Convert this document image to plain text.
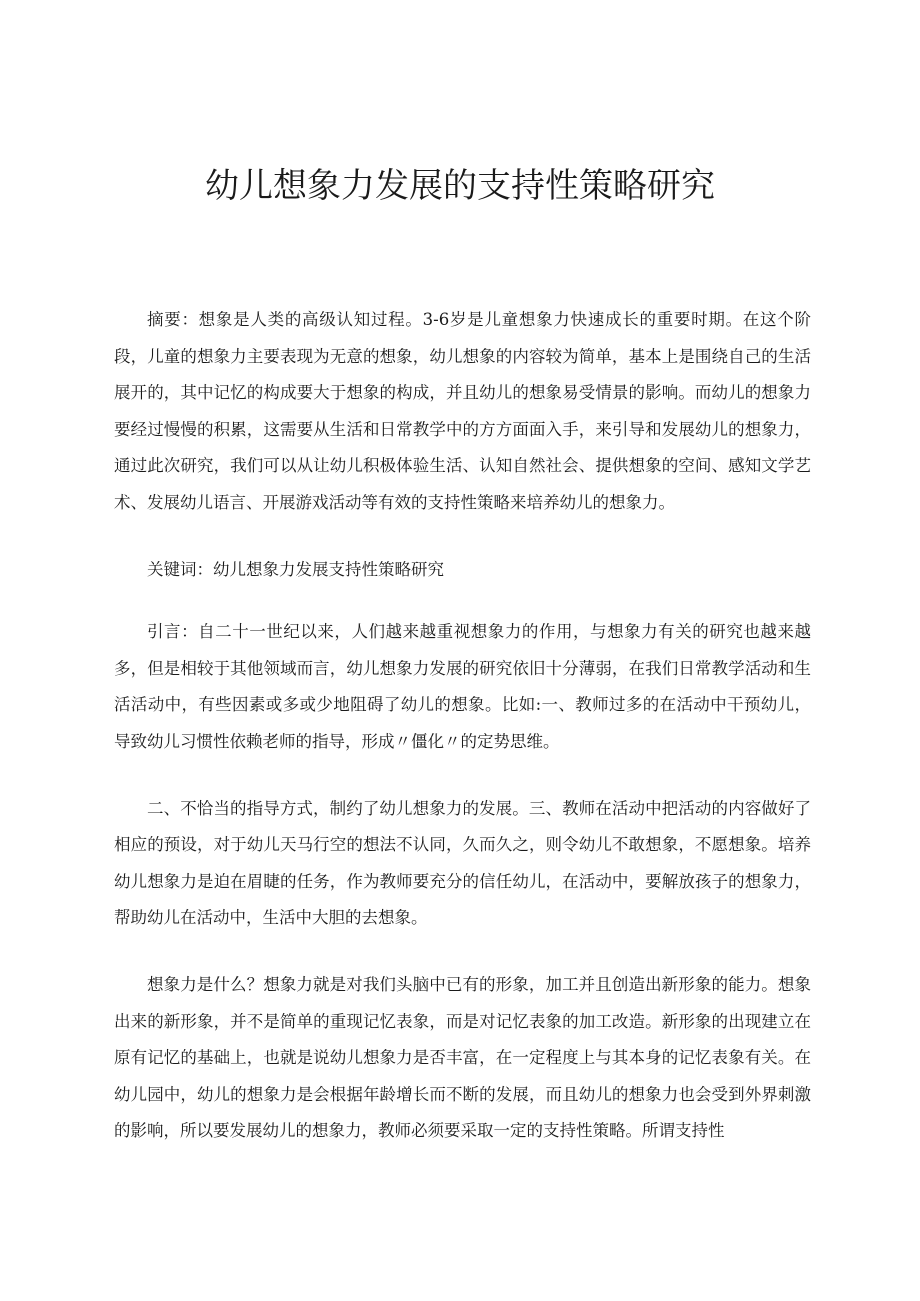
幼儿想象力发展的支持性策略研究

摘要：想象是人类的高级认知过程。3-6岁是儿童想象力快速成长的重要时期。在这个阶段，儿童的想象力主要表现为无意的想象，幼儿想象的内容较为简单，基本上是围绕自己的生活展开的，其中记忆的构成要大于想象的构成，并且幼儿的想象易受情景的影响。而幼儿的想象力要经过慢慢的积累，这需要从生活和日常教学中的方方面面入手，来引导和发展幼儿的想象力，通过此次研究，我们可以从让幼儿积极体验生活、认知自然社会、提供想象的空间、感知文学艺术、发展幼儿语言、开展游戏活动等有效的支持性策略来培养幼儿的想象力。

关键词：幼儿想象力发展支持性策略研究

引言：自二十一世纪以来，人们越来越重视想象力的作用，与想象力有关的研究也越来越多，但是相较于其他领域而言，幼儿想象力发展的研究依旧十分薄弱，在我们日常教学活动和生活活动中，有些因素或多或少地阻碍了幼儿的想象。比如:一、教师过多的在活动中干预幼儿，导致幼儿习惯性依赖老师的指导，形成〃僵化〃的定势思维。

二、不恰当的指导方式，制约了幼儿想象力的发展。三、教师在活动中把活动的内容做好了相应的预设，对于幼儿天马行空的想法不认同，久而久之，则令幼儿不敢想象，不愿想象。培养幼儿想象力是迫在眉睫的任务，作为教师要充分的信任幼儿，在活动中，要解放孩子的想象力，帮助幼儿在活动中，生活中大胆的去想象。

想象力是什么？想象力就是对我们头脑中已有的形象，加工并且创造出新形象的能力。想象出来的新形象，并不是简单的重现记忆表象，而是对记忆表象的加工改造。新形象的出现建立在原有记忆的基础上，也就是说幼儿想象力是否丰富，在一定程度上与其本身的记忆表象有关。在幼儿园中，幼儿的想象力是会根据年龄增长而不断的发展，而且幼儿的想象力也会受到外界刺激的影响，所以要发展幼儿的想象力，教师必须要采取一定的支持性策略。所谓支持性
